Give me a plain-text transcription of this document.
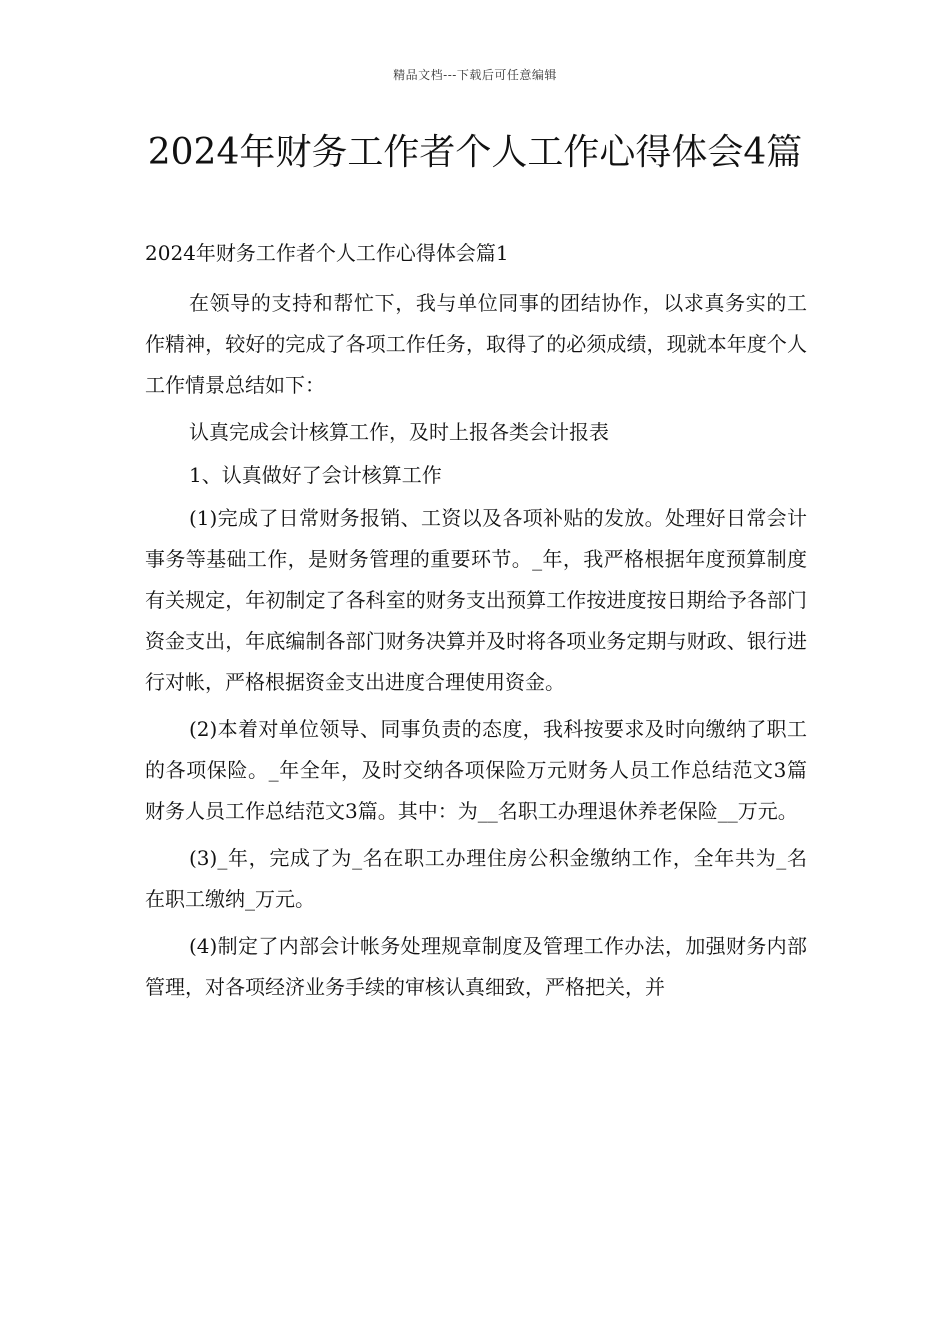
精品文档---下载后可任意编辑
2024年财务工作者个人工作心得体会4篇
2024年财务工作者个人工作心得体会篇1

在领导的支持和帮忙下，我与单位同事的团结协作，以求真务实的工作精神，较好的完成了各项工作任务，取得了的必须成绩，现就本年度个人工作情景总结如下：

认真完成会计核算工作，及时上报各类会计报表

1、认真做好了会计核算工作

(1)完成了日常财务报销、工资以及各项补贴的发放。处理好日常会计事务等基础工作，是财务管理的重要环节。_年，我严格根据年度预算制度有关规定，年初制定了各科室的财务支出预算工作按进度按日期给予各部门资金支出，年底编制各部门财务决算并及时将各项业务定期与财政、银行进行对帐，严格根据资金支出进度合理使用资金。

(2)本着对单位领导、同事负责的态度，我科按要求及时向缴纳了职工的各项保险。_年全年，及时交纳各项保险万元财务人员工作总结范文3篇财务人员工作总结范文3篇。其中：为__名职工办理退休养老保险__万元。

(3)_年，完成了为_名在职工办理住房公积金缴纳工作，全年共为_名在职工缴纳_万元。

(4)制定了内部会计帐务处理规章制度及管理工作办法，加强财务内部管理，对各项经济业务手续的审核认真细致，严格把关，并
